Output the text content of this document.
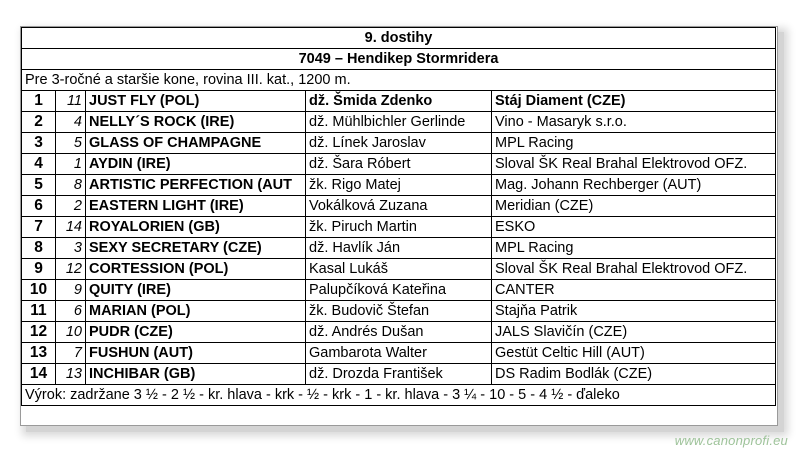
9. dostihy				
7049 – Hendikep Stormridera				
Pre 3-ročné a staršie kone, rovina III. kat., 1200 m.				
1	11	JUST FLY (POL)	dž. Šmida Zdenko	Stáj Diament (CZE)
2	4	NELLY´S ROCK (IRE)	dž. Mühlbichler Gerlinde	Vino - Masaryk s.r.o.
3	5	GLASS OF CHAMPAGNE	dž. Línek Jaroslav	MPL Racing
4	1	AYDIN (IRE)	dž. Šara Róbert	Sloval ŠK Real Brahal Elektrovod OFZ.
5	8	ARTISTIC PERFECTION (AUT	žk. Rigo Matej	Mag. Johann Rechberger (AUT)
6	2	EASTERN LIGHT (IRE)	Vokálková Zuzana	Meridian (CZE)
7	14	ROYALORIEN (GB)	žk. Piruch Martin	ESKO
8	3	SEXY SECRETARY (CZE)	dž. Havlík Ján	MPL Racing
9	12	CORTESSION (POL)	Kasal Lukáš	Sloval ŠK Real Brahal Elektrovod OFZ.
10	9	QUITY (IRE)	Palupčíková Kateřina	CANTER
11	6	MARIAN (POL)	žk. Budovič Štefan	Stajňa Patrik
12	10	PUDR (CZE)	dž. Andrés Dušan	JALS Slavičín (CZE)
13	7	FUSHUN (AUT)	Gambarota Walter	Gestüt Celtic Hill (AUT)
14	13	INCHIBAR (GB)	dž. Drozda František	DS Radim Bodlák (CZE)
Výrok: zadržane 3 ½ - 2 ½ - kr. hlava - krk - ½ - krk - 1 - kr. hlava - 3 ¼ - 10 - 5 - 4 ½ - ďaleko				
www.canonprofi.eu
